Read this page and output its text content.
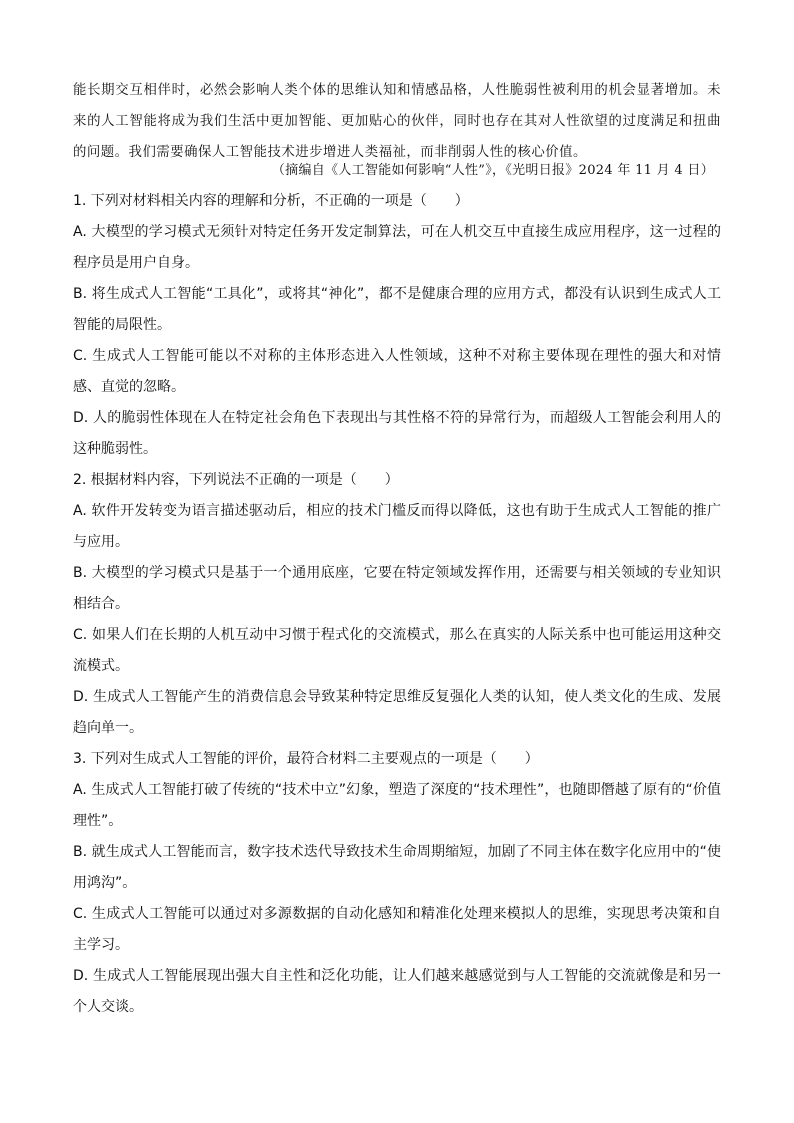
能长期交互相伴时，必然会影响人类个体的思维认知和情感品格，人性脆弱性被利用的机会显著增加。未来的人工智能将成为我们生活中更加智能、更加贴心的伙伴，同时也存在其对人性欲望的过度满足和扭曲的问题。我们需要确保人工智能技术进步增进人类福祉，而非削弱人性的核心价值。

（摘编自《人工智能如何影响“人性”》，《光明日报》2024 年 11 月 4 日）

1. 下列对材料相关内容的理解和分析，不正确的一项是（　　）

A. 大模型的学习模式无须针对特定任务开发定制算法，可在人机交互中直接生成应用程序，这一过程的程序员是用户自身。

B. 将生成式人工智能“工具化”，或将其“神化”，都不是健康合理的应用方式，都没有认识到生成式人工智能的局限性。

C. 生成式人工智能可能以不对称的主体形态进入人性领域，这种不对称主要体现在理性的强大和对情感、直觉的忽略。

D. 人的脆弱性体现在人在特定社会角色下表现出与其性格不符的异常行为，而超级人工智能会利用人的这种脆弱性。

2. 根据材料内容，下列说法不正确的一项是（　　）

A. 软件开发转变为语言描述驱动后，相应的技术门槛反而得以降低，这也有助于生成式人工智能的推广与应用。

B. 大模型的学习模式只是基于一个通用底座，它要在特定领域发挥作用，还需要与相关领域的专业知识相结合。

C. 如果人们在长期的人机互动中习惯于程式化的交流模式，那么在真实的人际关系中也可能运用这种交流模式。

D. 生成式人工智能产生的消费信息会导致某种特定思维反复强化人类的认知，使人类文化的生成、发展趋向单一。

3. 下列对生成式人工智能的评价，最符合材料二主要观点的一项是（　　）

A. 生成式人工智能打破了传统的“技术中立”幻象，塑造了深度的“技术理性”，也随即僭越了原有的“价值理性”。

B. 就生成式人工智能而言，数字技术迭代导致技术生命周期缩短，加剧了不同主体在数字化应用中的“使用鸿沟”。

C. 生成式人工智能可以通过对多源数据的自动化感知和精准化处理来模拟人的思维，实现思考决策和自主学习。

D. 生成式人工智能展现出强大自主性和泛化功能，让人们越来越感觉到与人工智能的交流就像是和另一个人交谈。
